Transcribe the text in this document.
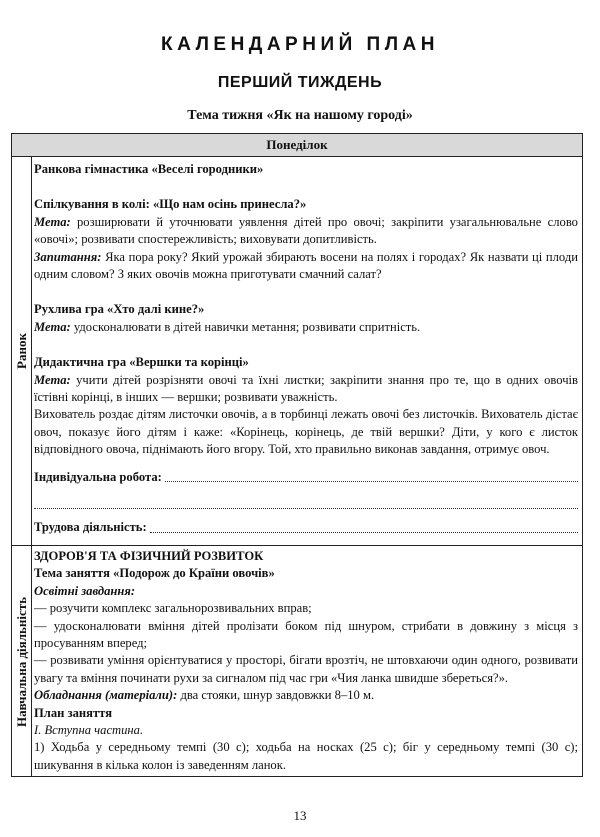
КАЛЕНДАРНИЙ ПЛАН
ПЕРШИЙ ТИЖДЕНЬ
Тема тижня «Як на нашому городі»
Понеділок
Ранок
Навчальна діяльність

Ранкова гімнастика «Веселі городники»

Спілкування в колі: «Що нам осінь принесла?»

Мета: розширювати й уточнювати уявлення дітей про овочі; закріпити узагальнювальне слово «овочі»; розвивати спостережливість; виховувати допитливість.

Запитання: Яка пора року? Який урожай збирають восени на полях і городах? Як назвати ці плоди одним словом? З яких овочів можна приготувати смачний салат?

Рухлива гра «Хто далі кине?»

Мета: удосконалювати в дітей навички метання; розвивати спритність.

Дидактична гра «Вершки та корінці»

Мета: учити дітей розрізняти овочі та їхні листки; закріпити знання про те, що в одних овочів їстівні корінці, в інших — вершки; розвивати уважність.

Вихователь роздає дітям листочки овочів, а в торбинці лежать овочі без листочків. Вихователь дістає овоч, показує його дітям і каже: «Корінець, корінець, де твій вершки? Діти, у кого є листок відповідного овоча, піднімають його вгору. Той, хто правильно виконав завдання, отримує овоч.

Індивідуальна робота:
Трудова діяльність:

ЗДОРОВ'Я ТА ФІЗИЧНИЙ РОЗВИТОК

Тема заняття «Подорож до Країни овочів»

Освітні завдання:

— розучити комплекс загальнорозвивальних вправ;

— удосконалювати вміння дітей пролізати боком під шнуром, стрибати в довжину з місця з просуванням вперед;

— розвивати уміння орієнтуватися у просторі, бігати врозтіч, не штовхаючи один одного, розвивати увагу та вміння починати рухи за сигналом під час гри «Чия ланка швидше збереться?».

Обладнання (матеріали): два стояки, шнур завдовжки 8–10 м.

План заняття

I. Вступна частина.

1) Ходьба у середньому темпі (30 с); ходьба на носках (25 с); біг у середньому темпі (30 с); шикування в кілька колон із заведенням ланок.

13
